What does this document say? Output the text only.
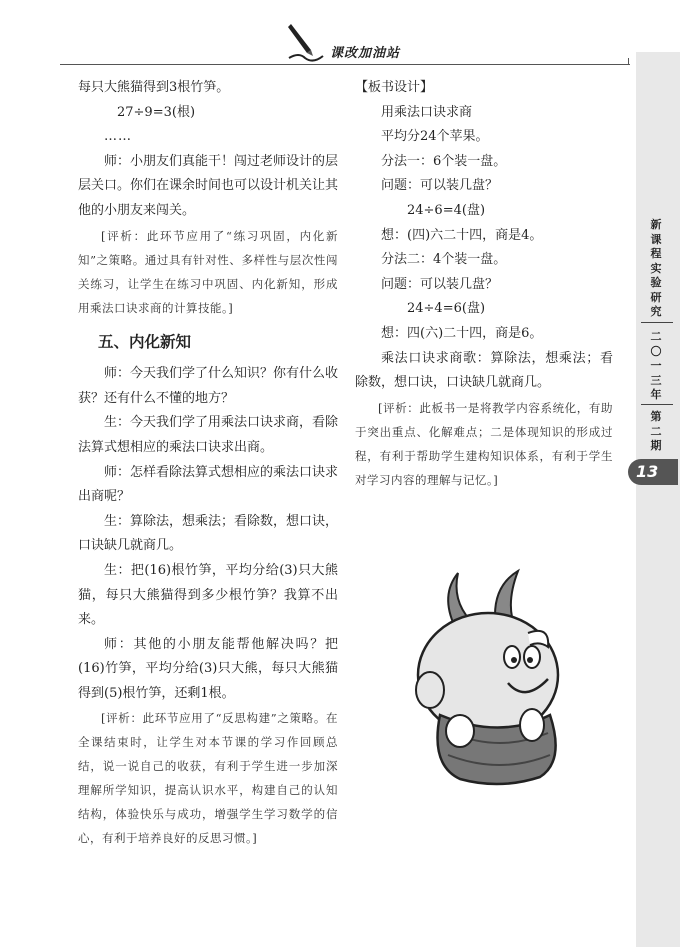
课改加油站

每只大熊猫得到3根竹笋。

27÷9=3(根)

……

师：小朋友们真能干！闯过老师设计的层层关口。你们在课余时间也可以设计机关让其他的小朋友来闯关。

[评析：此环节应用了“练习巩固，内化新知”之策略。通过具有针对性、多样性与层次性闯关练习，让学生在练习中巩固、内化新知，形成用乘法口诀求商的计算技能。]

五、内化新知

师：今天我们学了什么知识？你有什么收获？还有什么不懂的地方？

生：今天我们学了用乘法口诀求商，看除法算式想相应的乘法口诀求出商。

师：怎样看除法算式想相应的乘法口诀求出商呢？

生：算除法，想乘法；看除数，想口诀，口诀缺几就商几。

生：把(16)根竹笋，平均分给(3)只大熊猫，每只大熊猫得到多少根竹笋？我算不出来。

师：其他的小朋友能帮他解决吗？把(16)竹笋，平均分给(3)只大熊，每只大熊猫得到(5)根竹笋，还剩1根。

[评析：此环节应用了“反思构建”之策略。在全课结束时，让学生对本节课的学习作回顾总结，说一说自己的收获，有利于学生进一步加深理解所学知识，提高认识水平，构建自己的认知结构，体验快乐与成功，增强学生学习数学的信心，有利于培养良好的反思习惯。]

【板书设计】

用乘法口诀求商

平均分24个苹果。

分法一：6个装一盘。

问题：可以装几盘？

24÷6=4(盘)

想：(四)六二十四，商是4。

分法二：4个装一盘。

问题：可以装几盘？

24÷4=6(盘)

想：四(六)二十四，商是6。

乘法口诀求商歌：算除法，想乘法；看除数，想口诀，口诀缺几就商几。

[评析：此板书一是将教学内容系统化，有助于突出重点、化解难点；二是体现知识的形成过程，有利于帮助学生建构知识体系，有利于学生对学习内容的理解与记忆。]

新课程实验研究
二〇一三年
第二期
13
